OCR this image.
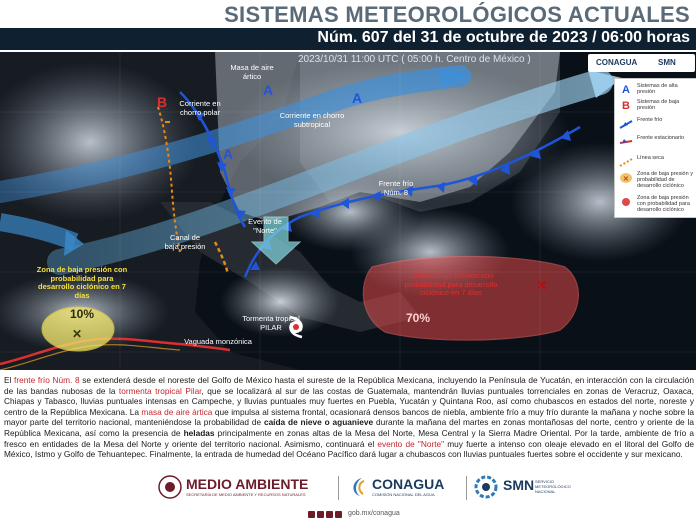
SISTEMAS METEOROLÓGICOS ACTUALES
Núm. 607 del 31 de octubre de 2023 / 06:00 horas
✕
✕
2023/10/31 11:00 UTC ( 05:00 h. Centro de México )	CONAGUA	SMN
A	Sistemas de alta presión
B	Sistemas de baja presión
Frente frío
Frente estacionario
Línea seca
✕
Zona de baja presión y probabilidad de desarrollo ciclónico
Zona de baja presión con probabilidad para desarrollo ciclónico
Masa de aire ártico
Corriente en chorro polar	Corriente en chorro subtropical
Frente frío Núm. 8
Evento de "Norte"
Canal de baja presión
Tormenta tropical PILAR
Vaguada monzónica
Zona de baja presión con probabilidad para desarrollo ciclónico en 7 días
Zona de baja presión con probabilidad para desarrollo ciclónico en 7 días
10%	70%
A	A
A
B
El frente frío Núm. 8 se extenderá desde el noreste del Golfo de México hasta el sureste de la República Mexicana, incluyendo la Península de Yucatán, en interacción con la circulación de las bandas nubosas de la tormenta tropical Pilar, que se localizará al sur de las costas de Guatemala, mantendrán lluvias puntuales torrenciales en zonas de Veracruz, Oaxaca, Chiapas y Tabasco, lluvias puntuales intensas en Campeche, y lluvias puntuales muy fuertes en Puebla, Yucatán y Quintana Roo, así como chubascos en estados del norte, noreste y centro de la República Mexicana. La masa de aire ártica que impulsa al sistema frontal, ocasionará densos bancos de niebla, ambiente frío a muy frío durante la mañana y noche sobre la mayor parte del territorio nacional, manteniéndose la probabilidad de caída de nieve o aguanieve durante la mañana del martes en zonas montañosas del norte, centro y oriente de la República Mexicana, así como la presencia de heladas principalmente en zonas altas de la Mesa del Norte, Mesa Central y la Sierra Madre Oriental. Por la tarde, ambiente de frío a fresco en entidades de la Mesa del Norte y oriente del territorio nacional. Asimismo, continuará el evento de "Norte" muy fuerte a intenso con oleaje elevado en el litoral del Golfo de México, Istmo y Golfo de Tehuantepec. Finalmente, la entrada de humedad del Océano Pacífico dará lugar a chubascos con lluvias puntuales fuertes sobre el occidente y sur mexicano.
MEDIO AMBIENTE
SECRETARÍA DE MEDIO AMBIENTE Y RECURSOS NATURALES
CONAGUA
COMISIÓN NACIONAL DEL AGUA
SMN SERVICIO METEOROLÓGICO NACIONAL
gob.mx/conagua
